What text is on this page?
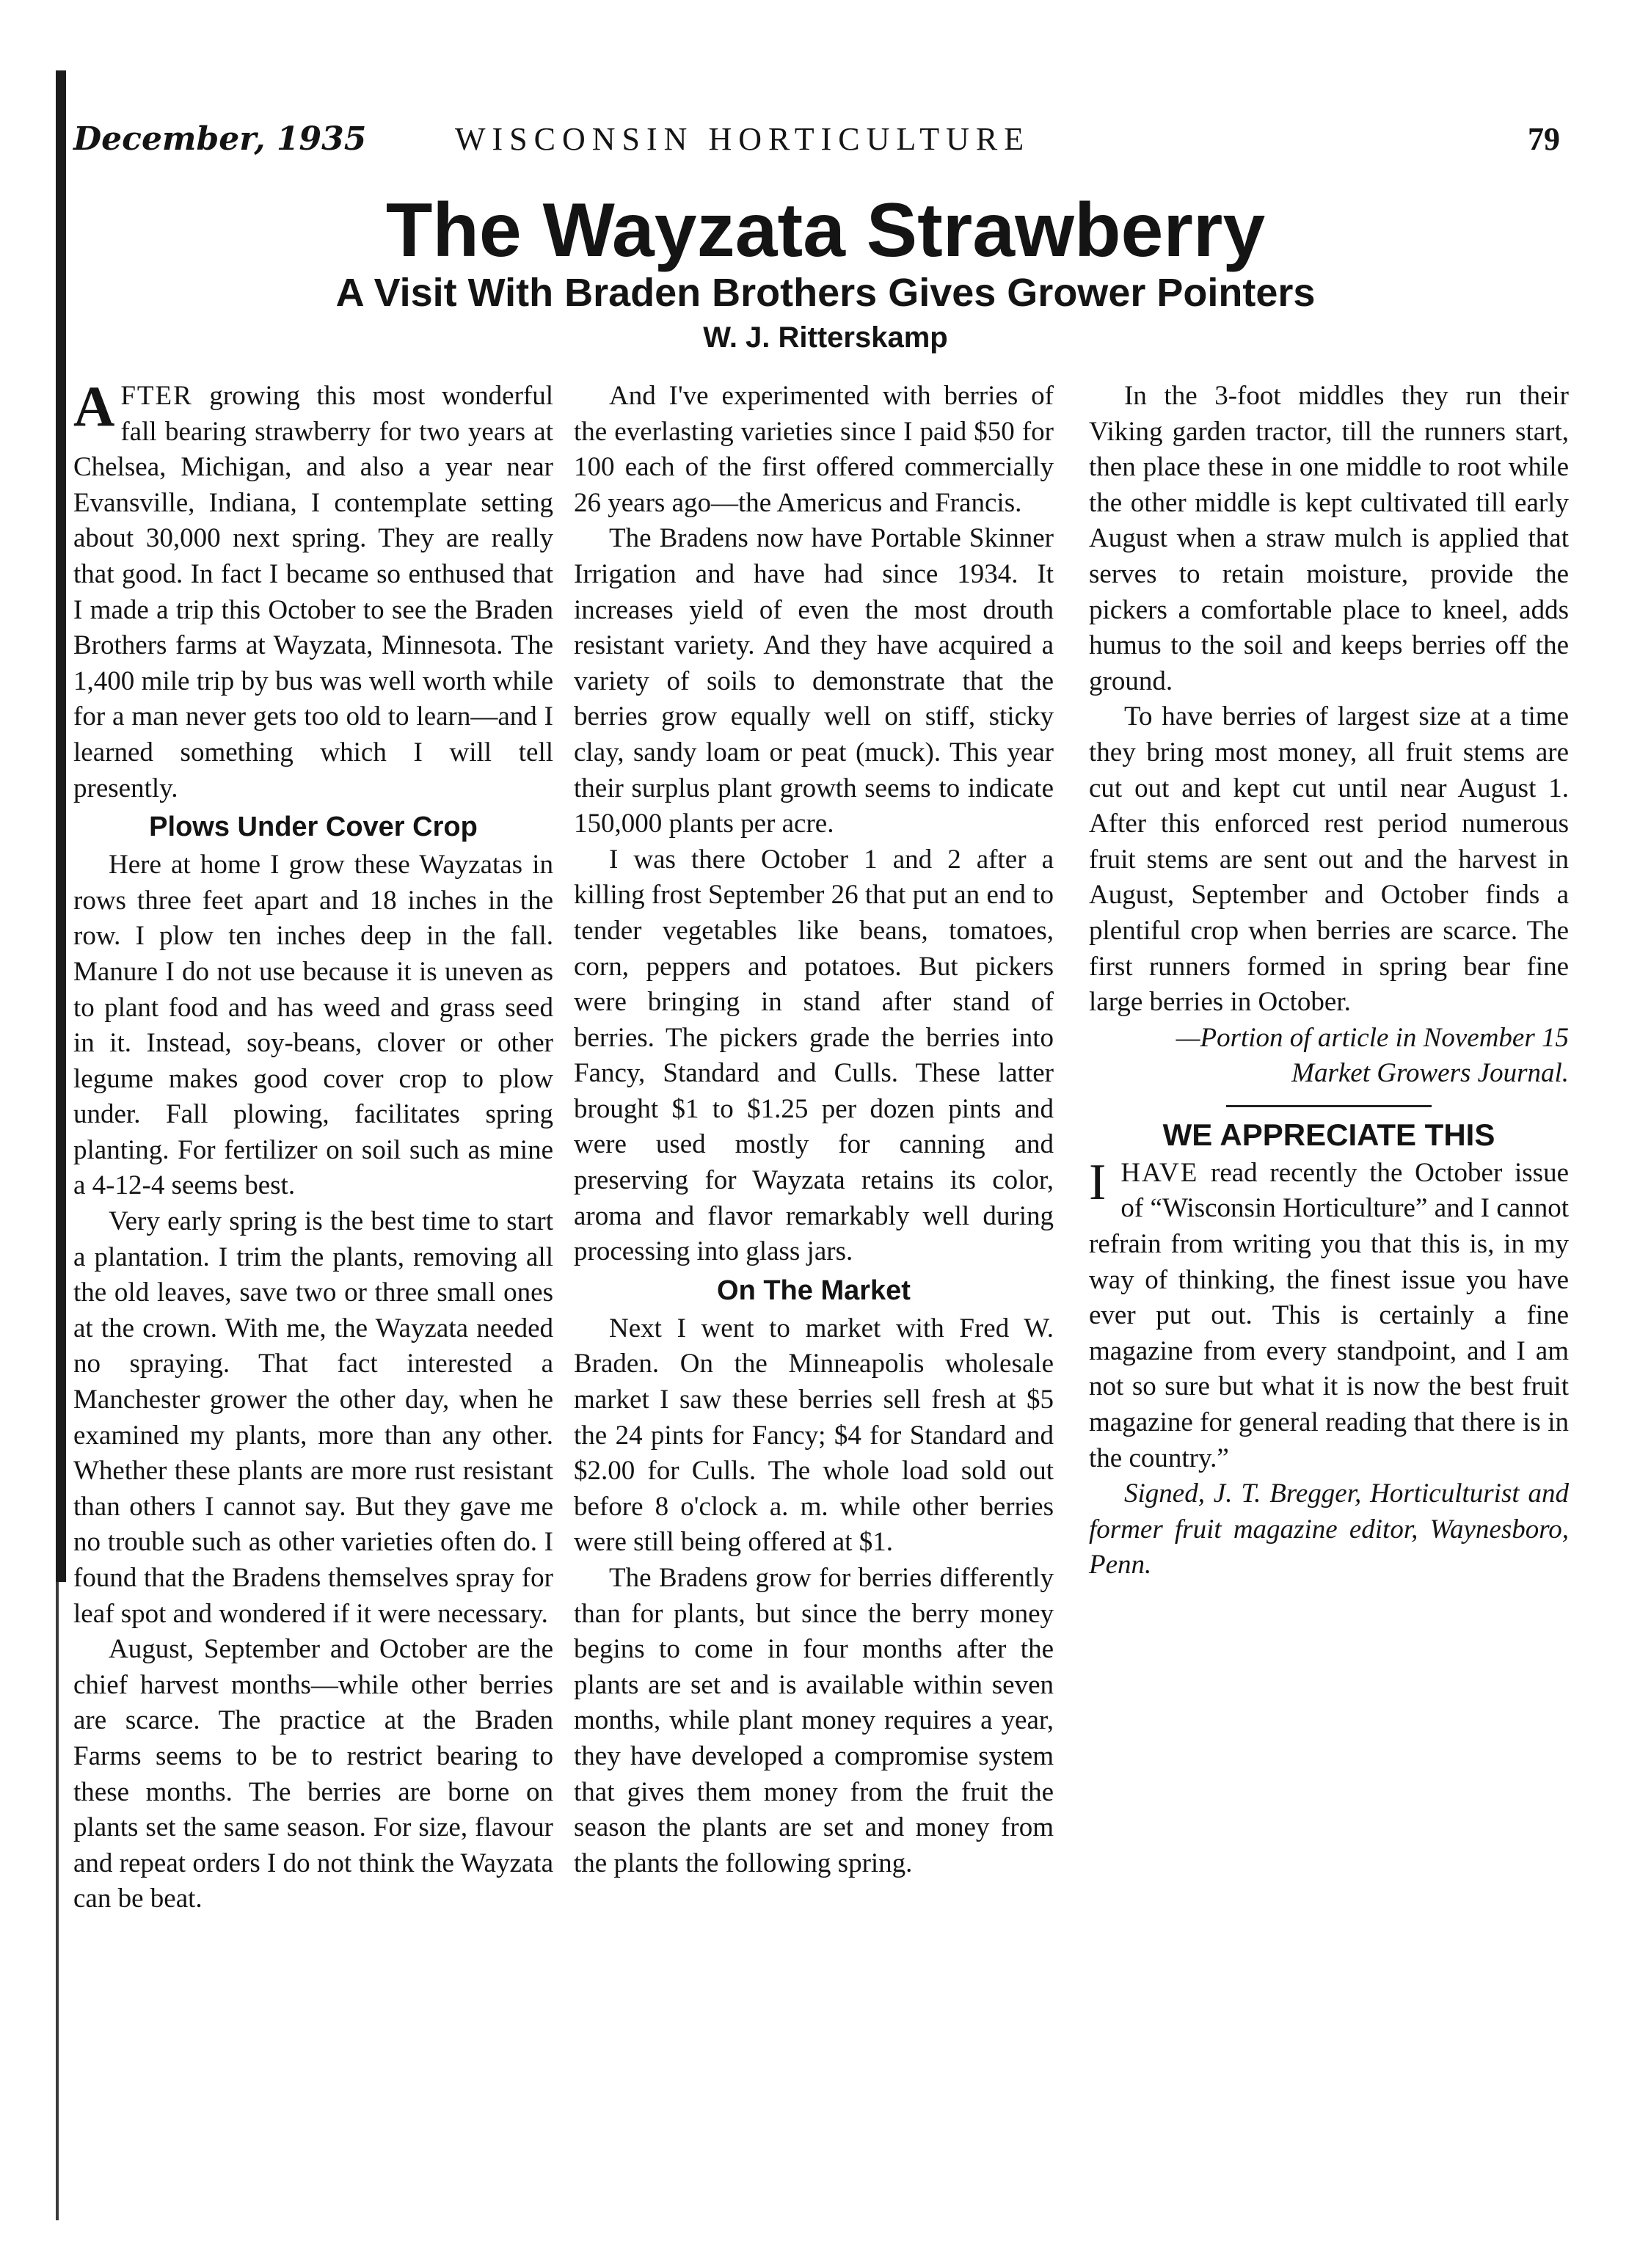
December, 1935	WISCONSIN HORTICULTURE	79
The Wayzata Strawberry
A Visit With Braden Brothers Gives Grower Pointers
W. J. Ritterskamp

AFTER growing this most wonderful fall bearing strawberry for two years at Chelsea, Michigan, and also a year near Evansville, Indiana, I contemplate setting about 30,000 next spring. They are really that good. In fact I became so enthused that I made a trip this October to see the Braden Brothers farms at Wayzata, Minnesota. The 1,400 mile trip by bus was well worth while for a man never gets too old to learn—and I learned something which I will tell presently.

Plows Under Cover Crop

Here at home I grow these Wayzatas in rows three feet apart and 18 inches in the row. I plow ten inches deep in the fall. Manure I do not use because it is uneven as to plant food and has weed and grass seed in it. Instead, soy-beans, clover or other legume makes good cover crop to plow under. Fall plowing, facilitates spring planting. For fertilizer on soil such as mine a 4-12-4 seems best.

Very early spring is the best time to start a plantation. I trim the plants, removing all the old leaves, save two or three small ones at the crown. With me, the Wayzata needed no spraying. That fact interested a Manchester grower the other day, when he examined my plants, more than any other. Whether these plants are more rust resistant than others I cannot say. But they gave me no trouble such as other varieties often do. I found that the Bradens themselves spray for leaf spot and wondered if it were necessary.

August, September and October are the chief harvest months—while other berries are scarce. The practice at the Braden Farms seems to be to restrict bearing to these months. The berries are borne on plants set the same season. For size, flavour and repeat orders I do not think the Wayzata can be beat.

And I've experimented with berries of the everlasting varieties since I paid $50 for 100 each of the first offered commercially 26 years ago—the Americus and Francis.

The Bradens now have Portable Skinner Irrigation and have had since 1934. It increases yield of even the most drouth resistant variety. And they have acquired a variety of soils to demonstrate that the berries grow equally well on stiff, sticky clay, sandy loam or peat (muck). This year their surplus plant growth seems to indicate 150,000 plants per acre.

I was there October 1 and 2 after a killing frost September 26 that put an end to tender vegetables like beans, tomatoes, corn, peppers and potatoes. But pickers were bringing in stand after stand of berries. The pickers grade the berries into Fancy, Standard and Culls. These latter brought $1 to $1.25 per dozen pints and were used mostly for canning and preserving for Wayzata retains its color, aroma and flavor remarkably well during processing into glass jars.

On The Market

Next I went to market with Fred W. Braden. On the Minneapolis wholesale market I saw these berries sell fresh at $5 the 24 pints for Fancy; $4 for Standard and $2.00 for Culls. The whole load sold out before 8 o'clock a. m. while other berries were still being offered at $1.

The Bradens grow for berries differently than for plants, but since the berry money begins to come in four months after the plants are set and is available within seven months, while plant money requires a year, they have developed a compromise system that gives them money from the fruit the season the plants are set and money from the plants the following spring.

In the 3-foot middles they run their Viking garden tractor, till the runners start, then place these in one middle to root while the other middle is kept cultivated till early August when a straw mulch is applied that serves to retain moisture, provide the pickers a comfortable place to kneel, adds humus to the soil and keeps berries off the ground.

To have berries of largest size at a time they bring most money, all fruit stems are cut out and kept cut until near August 1. After this enforced rest period numerous fruit stems are sent out and the harvest in August, September and October finds a plentiful crop when berries are scarce. The first runners formed in spring bear fine large berries in October.

—Portion of article in November 15 Market Growers Journal.

WE APPRECIATE THIS

IHAVE read recently the October issue of “Wisconsin Horticulture” and I cannot refrain from writing you that this is, in my way of thinking, the finest issue you have ever put out. This is certainly a fine magazine from every standpoint, and I am not so sure but what it is now the best fruit magazine for general reading that there is in the country.”

Signed, J. T. Bregger, Horticulturist and former fruit magazine editor, Waynesboro, Penn.
